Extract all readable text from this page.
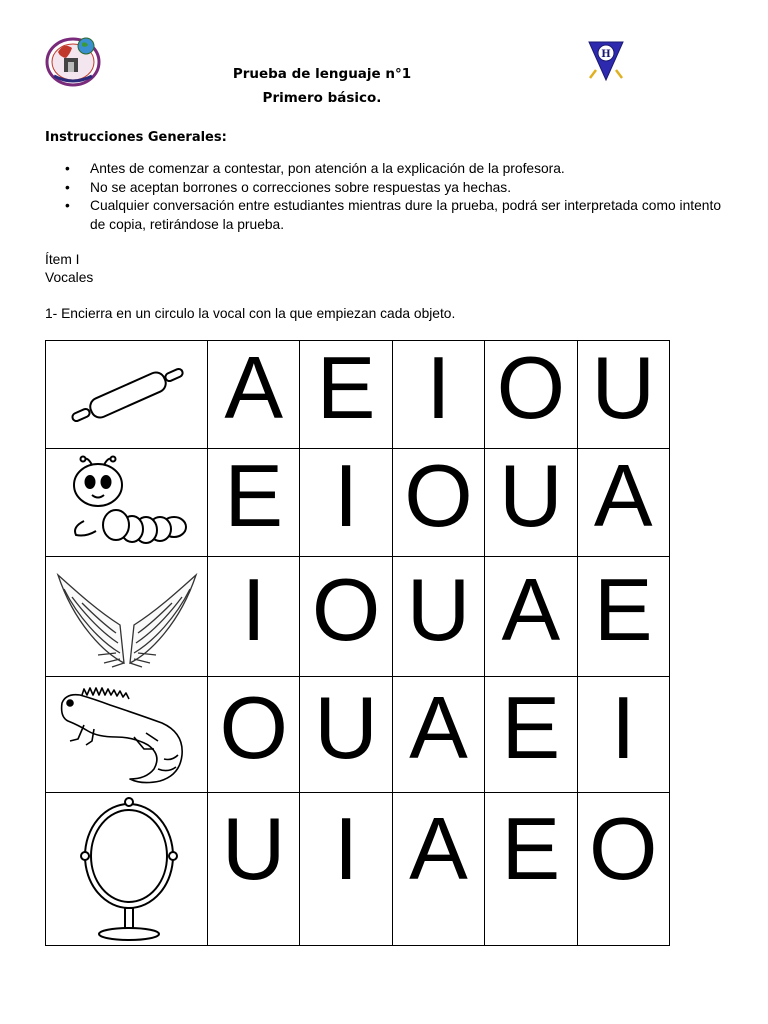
H
Prueba de lenguaje n°1
Primero básico.
Instrucciones Generales:
• Antes de comenzar a contestar, pon atención a la explicación de la profesora.
• No se aceptan borrones o correcciones sobre respuestas ya hechas.
• Cualquier conversación entre estudiantes mientras dure la prueba, podrá ser interpretada como intento de copia, retirándose la prueba.
Ítem I
Vocales
1- Encierra en un circulo la vocal con la que empiezan cada objeto.
	A	E	I	O	U

	E	I	O	U	A

	I	O	U	A	E

	O	U	A	E	I

	U	I	A	E	O
